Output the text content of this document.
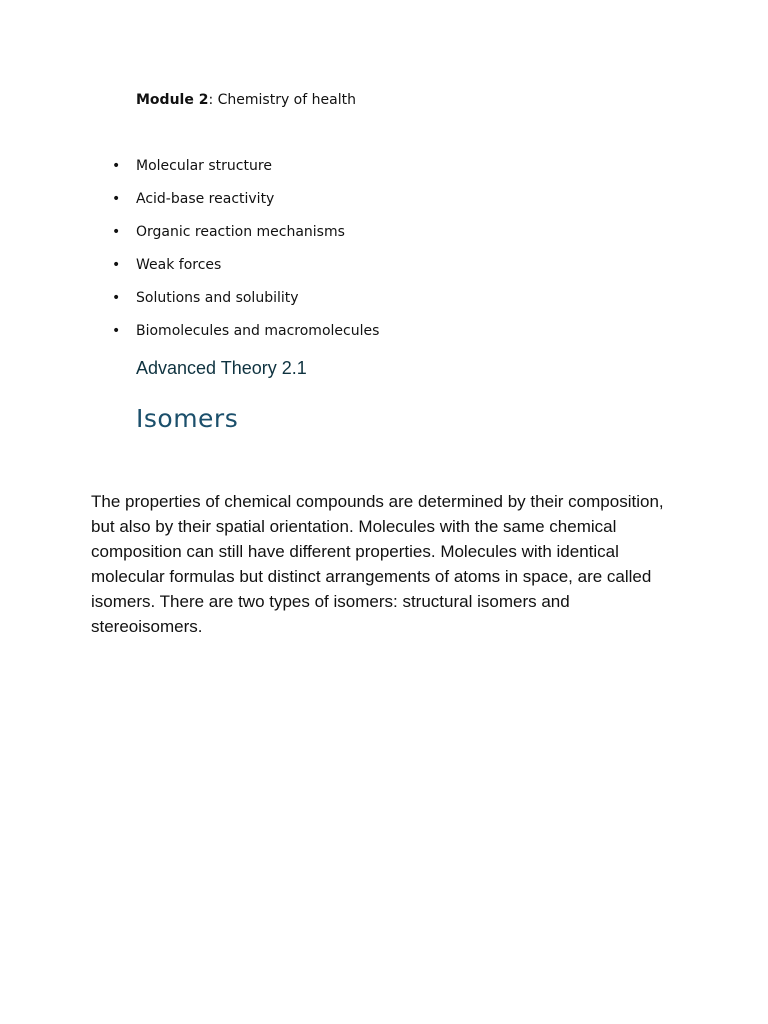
Module 2: Chemistry of health
• Molecular structure
• Acid-base reactivity
• Organic reaction mechanisms
• Weak forces
• Solutions and solubility
• Biomolecules and macromolecules
Advanced Theory 2.1
Isomers

The properties of chemical compounds are determined by their composition, but also by their spatial orientation. Molecules with the same chemical composition can still have different properties. Molecules with identical molecular formulas but distinct arrangements of atoms in space, are called isomers. There are two types of isomers: structural isomers and stereoisomers.
